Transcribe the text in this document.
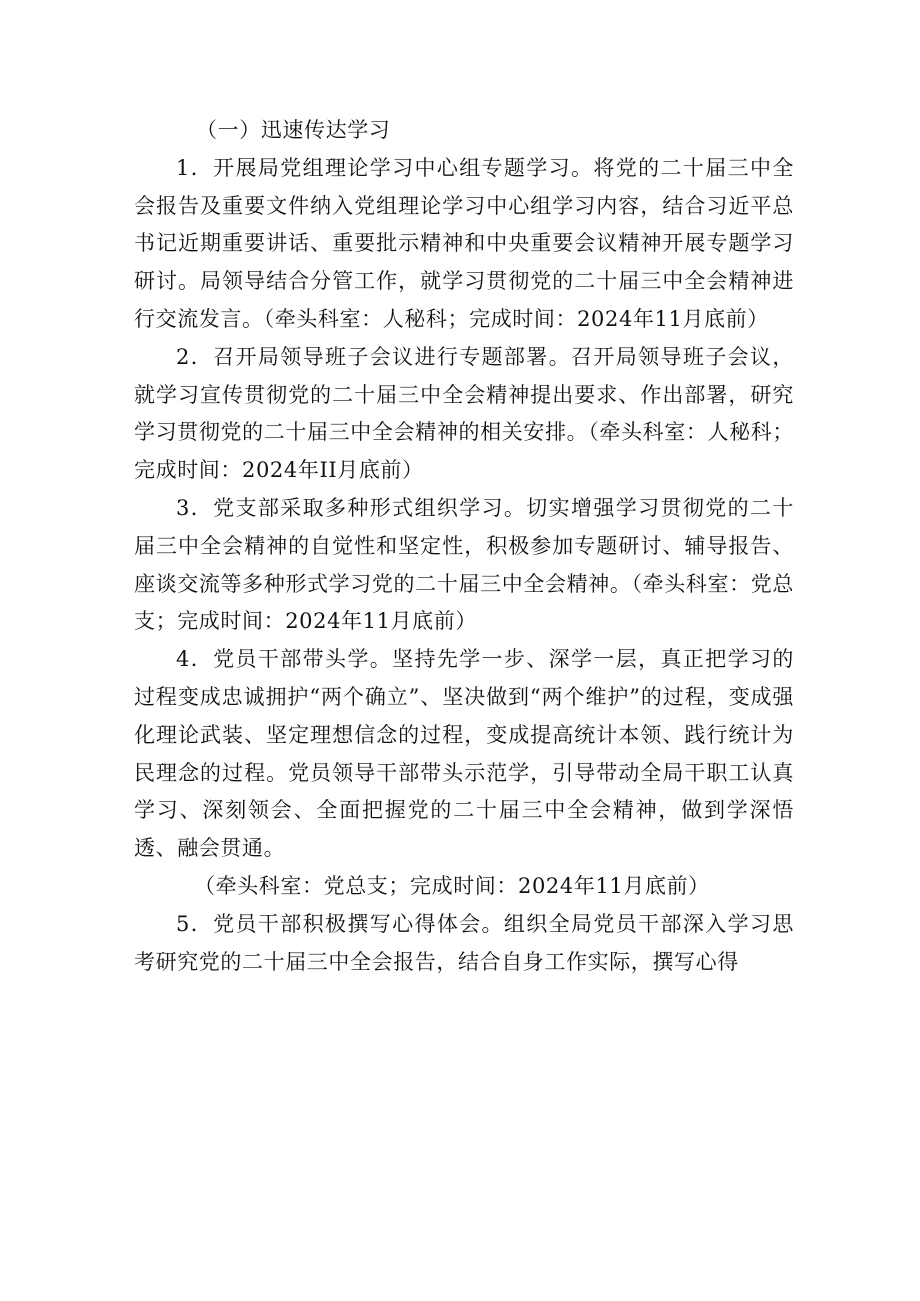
（一）迅速传达学习

1．开展局党组理论学习中心组专题学习。将党的二十届三中全会报告及重要文件纳入党组理论学习中心组学习内容，结合习近平总书记近期重要讲话、重要批示精神和中央重要会议精神开展专题学习研讨。局领导结合分管工作，就学习贯彻党的二十届三中全会精神进行交流发言。（牵头科室：人秘科；完成时间：2024年11月底前）

2．召开局领导班子会议进行专题部署。召开局领导班子会议，就学习宣传贯彻党的二十届三中全会精神提出要求、作出部署，研究学习贯彻党的二十届三中全会精神的相关安排。（牵头科室：人秘科；完成时间：2024年II月底前）

3．党支部采取多种形式组织学习。切实增强学习贯彻党的二十届三中全会精神的自觉性和坚定性，积极参加专题研讨、辅导报告、座谈交流等多种形式学习党的二十届三中全会精神。（牵头科室：党总支；完成时间：2024年11月底前）

4．党员干部带头学。坚持先学一步、深学一层，真正把学习的过程变成忠诚拥护“两个确立”、坚决做到“两个维护”的过程，变成强化理论武装、坚定理想信念的过程，变成提高统计本领、践行统计为民理念的过程。党员领导干部带头示范学，引导带动全局干职工认真学习、深刻领会、全面把握党的二十届三中全会精神，做到学深悟透、融会贯通。

（牵头科室：党总支；完成时间：2024年11月底前）

5．党员干部积极撰写心得体会。组织全局党员干部深入学习思考研究党的二十届三中全会报告，结合自身工作实际，撰写心得
